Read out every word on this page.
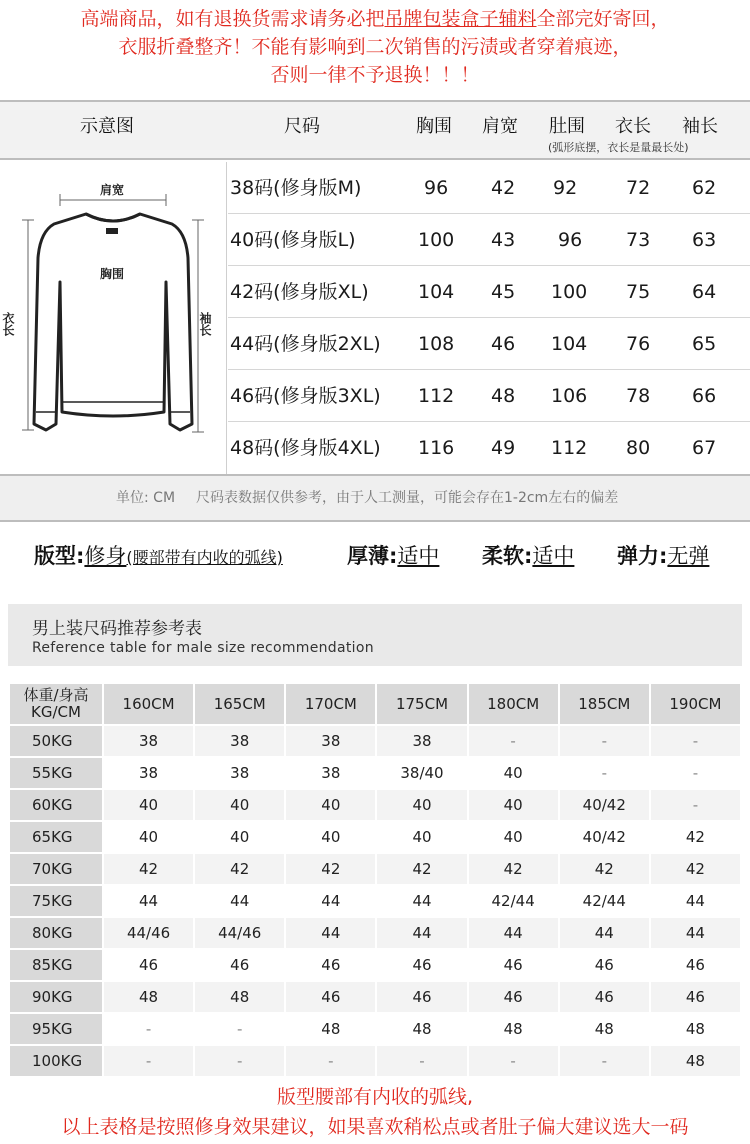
高端商品，如有退换货需求请务必把吊牌包装盒子辅料全部完好寄回，
衣服折叠整齐！不能有影响到二次销售的污渍或者穿着痕迹，
否则一律不予退换！！！
示意图	尺码	胸围 肩宽 肚围 衣长 袖长
(弧形底摆，衣长是量最长处)
肩宽
胸围
衣长	袖长
38码(修身版M)	96 42 92	72 62
40码(修身版L)	100 43 96 73 63
42码(修身版XL)	104 45 100 75 64
44码(修身版2XL) 108 46 104 76 65
46码(修身版3XL) 112 48 106 78 66
48码(修身版4XL) 116 49 112 80 67
单位: CM 尺码表数据仅供参考，由于人工测量，可能会存在1-2cm左右的偏差
版型:修身(腰部带有内收的弧线)	厚薄:适中 柔软:适中 弹力:无弹
男上装尺码推荐参考表
Reference table for male size recommendation
体重/身高
KG/CM	160CM	165CM	170CM	175CM	180CM	185CM	190CM
50KG	38	38	38	38	-	-	-
55KG	38	38	38	38/40	40	-	-
60KG	40	40	40	40	40	40/42	-
65KG	40	40	40	40	40	40/42	42
70KG	42	42	42	42	42	42	42
75KG	44	44	44	44	42/44	42/44	44
80KG	44/46	44/46	44	44	44	44	44
85KG	46	46	46	46	46	46	46
90KG	48	48	46	46	46	46	46
95KG	-	-	48	48	48	48	48
100KG	-	-	-	-	-	-	48
版型腰部有内收的弧线,
以上表格是按照修身效果建议，如果喜欢稍松点或者肚子偏大建议选大一码
